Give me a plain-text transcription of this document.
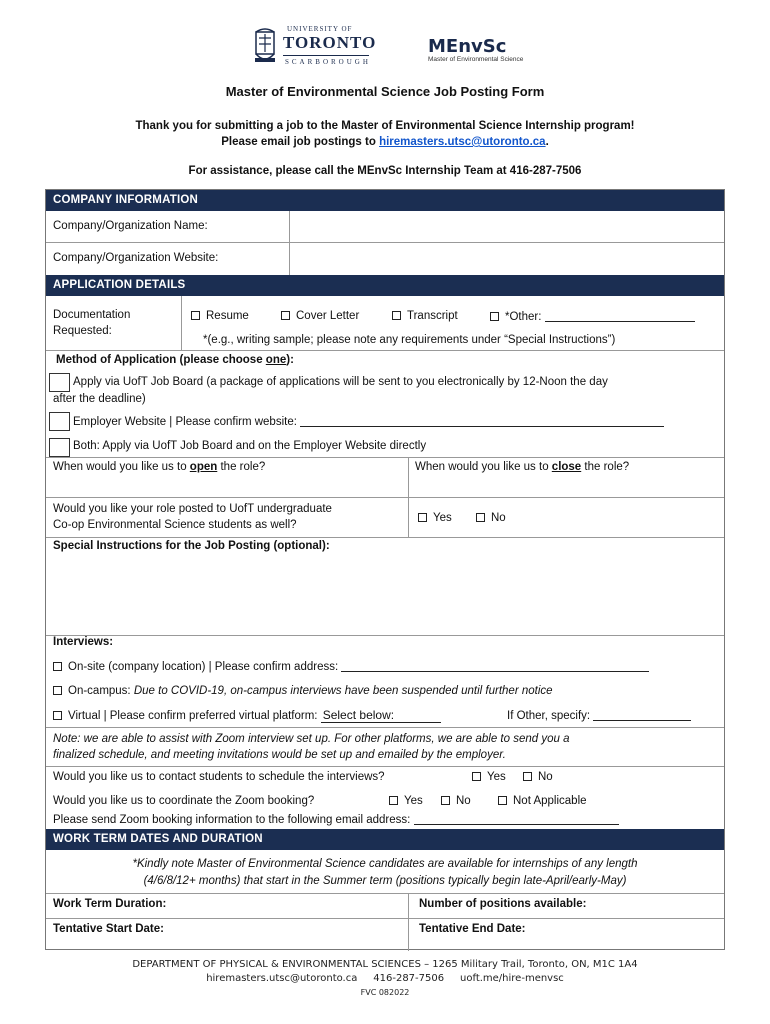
UNIVERSITY OF
TORONTO
SCARBOROUGH
MEnvSc
Master of Environmental Science
Master of Environmental Science Job Posting Form
Thank you for submitting a job to the Master of Environmental Science Internship program!
Please email job postings to hiremasters.utsc@utoronto.ca.
For assistance, please call the MEnvSc Internship Team at 416-287-7506
COMPANY INFORMATION
Company/Organization Name:
Company/Organization Website:
APPLICATION DETAILS
Documentation
Requested:
Resume	Cover Letter	Transcript	*Other:
*(e.g., writing sample; please note any requirements under “Special Instructions”)
Method of Application (please choose one):
Apply via UofT Job Board (a package of applications will be sent to you electronically by 12-Noon the day
after the deadline)
Employer Website | Please confirm website:
Both: Apply via UofT Job Board and on the Employer Website directly
When would you like us to open the role?	When would you like us to close the role?
Would you like your role posted to UofT undergraduate
Co-op Environmental Science students as well?
Yes	No
Special Instructions for the Job Posting (optional):
Interviews:
On-site (company location) | Please confirm address:
On-campus: Due to COVID-19, on-campus interviews have been suspended until further notice
Virtual | Please confirm preferred virtual platform: Select below:	If Other, specify:
Note: we are able to assist with Zoom interview set up. For other platforms, we are able to send you a
finalized schedule, and meeting invitations would be set up and emailed by the employer.
Would you like us to contact students to schedule the interviews?	Yes	No
Would you like us to coordinate the Zoom booking?	Yes	No	Not Applicable
Please send Zoom booking information to the following email address:
WORK TERM DATES AND DURATION
*Kindly note Master of Environmental Science candidates are available for internships of any length
(4/6/8/12+ months) that start in the Summer term (positions typically begin late-April/early-May)
Work Term Duration:	Number of positions available:
Tentative Start Date:	Tentative End Date:
DEPARTMENT OF PHYSICAL & ENVIRONMENTAL SCIENCES – 1265 Military Trail, Toronto, ON, M1C 1A4
hiremasters.utsc@utoronto.ca 416-287-7506 uoft.me/hire-menvsc
FVC 082022
